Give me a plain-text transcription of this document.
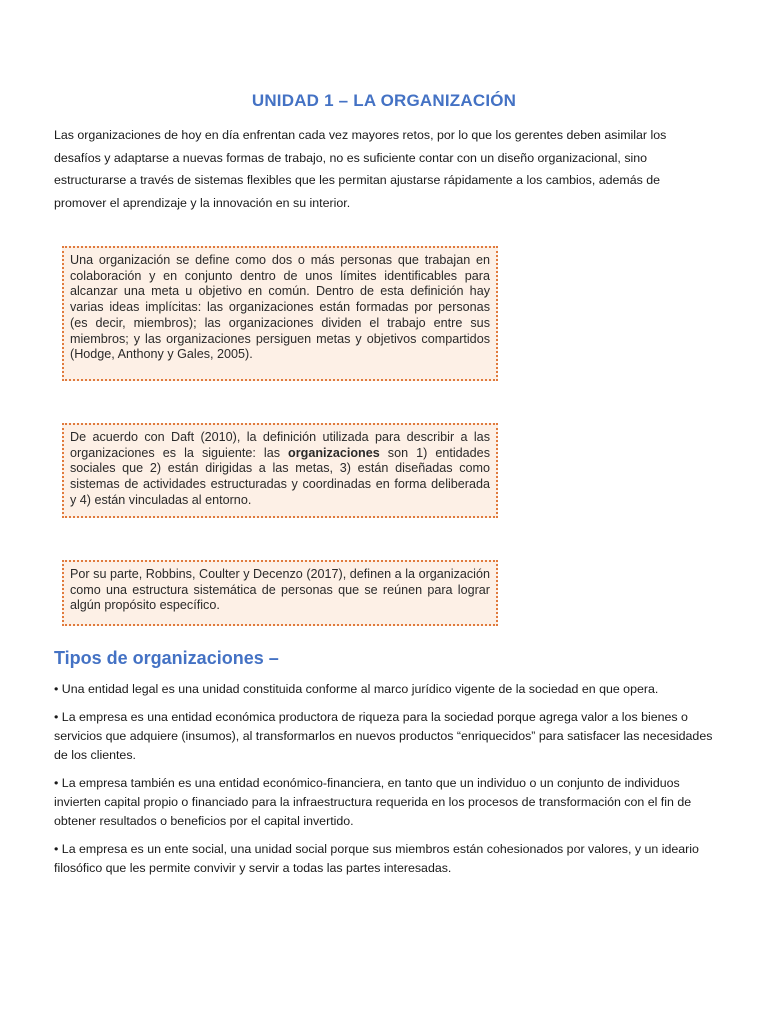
UNIDAD 1 – LA ORGANIZACIÓN

Las organizaciones de hoy en día enfrentan cada vez mayores retos, por lo que los gerentes deben asimilar los desafíos y adaptarse a nuevas formas de trabajo, no es suficiente contar con un diseño organizacional, sino estructurarse a través de sistemas flexibles que les permitan ajustarse rápidamente a los cambios, además de promover el aprendizaje y la innovación en su interior.

Una organización se define como dos o más personas que trabajan en colaboración y en conjunto dentro de unos límites identificables para alcanzar una meta u objetivo en común. Dentro de esta definición hay varias ideas implícitas: las organizaciones están formadas por personas (es decir, miembros); las organizaciones dividen el trabajo entre sus miembros; y las organizaciones persiguen metas y objetivos compartidos (Hodge, Anthony y Gales, 2005).
De acuerdo con Daft (2010), la definición utilizada para describir a las organizaciones es la siguiente: las organizaciones son 1) entidades sociales que 2) están dirigidas a las metas, 3) están diseñadas como sistemas de actividades estructuradas y coordinadas en forma deliberada y 4) están vinculadas al entorno.
Por su parte, Robbins, Coulter y Decenzo (2017), definen a la organización como una estructura sistemática de personas que se reúnen para lograr algún propósito específico.
Tipos de organizaciones –
• Una entidad legal es una unidad constituida conforme al marco jurídico vigente de la sociedad en que opera.
• La empresa es una entidad económica productora de riqueza para la sociedad porque agrega valor a los bienes o servicios que adquiere (insumos), al transformarlos en nuevos productos “enriquecidos” para satisfacer las necesidades de los clientes.
• La empresa también es una entidad económico-financiera, en tanto que un individuo o un conjunto de individuos invierten capital propio o financiado para la infraestructura requerida en los procesos de transformación con el fin de obtener resultados o beneficios por el capital invertido.
• La empresa es un ente social, una unidad social porque sus miembros están cohesionados por valores, y un ideario filosófico que les permite convivir y servir a todas las partes interesadas.
